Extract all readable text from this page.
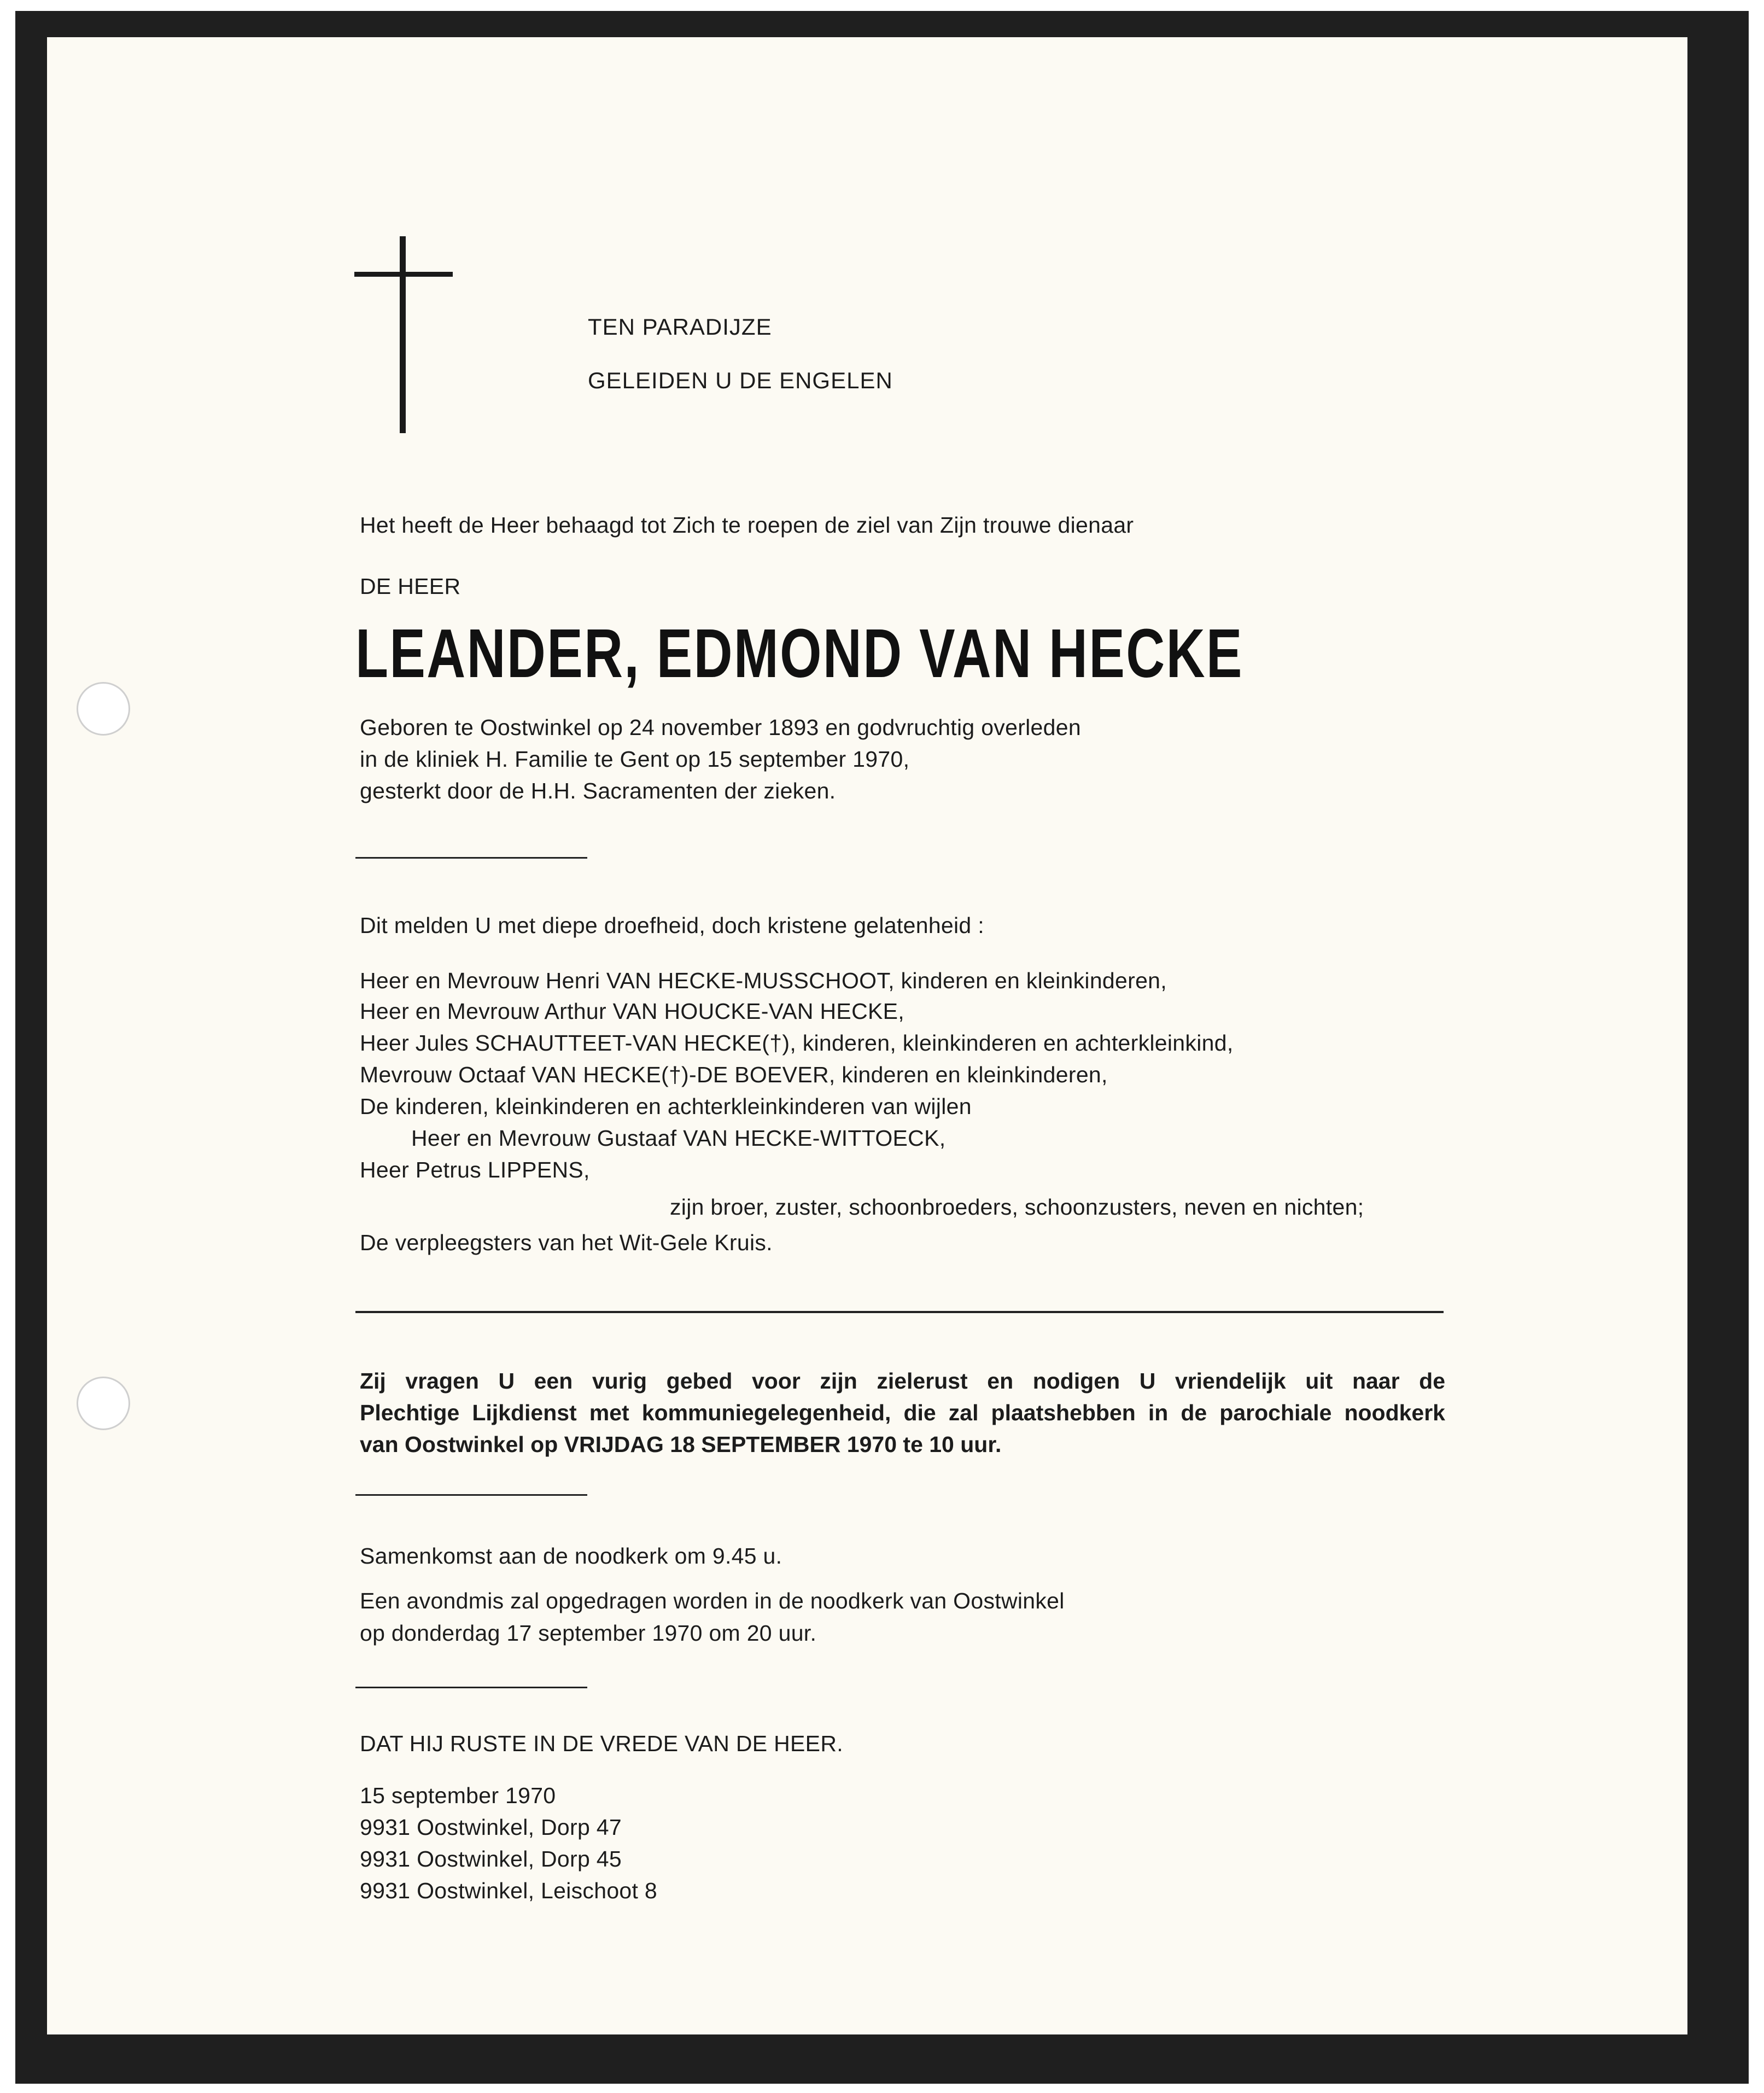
TEN PARADIJZE
GELEIDEN U DE ENGELEN
Het heeft de Heer behaagd tot Zich te roepen de ziel van Zijn trouwe dienaar
DE HEER
LEANDER, EDMOND VAN HECKE
Geboren te Oostwinkel op 24 november 1893 en godvruchtig overleden
in de kliniek H. Familie te Gent op 15 september 1970,
gesterkt door de H.H. Sacramenten der zieken.
Dit melden U met diepe droefheid, doch kristene gelatenheid :
Heer en Mevrouw Henri VAN HECKE-MUSSCHOOT, kinderen en kleinkinderen,
Heer en Mevrouw Arthur VAN HOUCKE-VAN HECKE,
Heer Jules SCHAUTTEET-VAN HECKE(†), kinderen, kleinkinderen en achterkleinkind,
Mevrouw Octaaf VAN HECKE(†)-DE BOEVER, kinderen en kleinkinderen,
De kinderen, kleinkinderen en achterkleinkinderen van wijlen
Heer en Mevrouw Gustaaf VAN HECKE-WITTOECK,
Heer Petrus LIPPENS,
zijn broer, zuster, schoonbroeders, schoonzusters, neven en nichten;
De verpleegsters van het Wit-Gele Kruis.
Zij vragen U een vurig gebed voor zijn zielerust en nodigen U vriendelijk uit naar de
Plechtige Lijkdienst met kommuniegelegenheid, die zal plaatshebben in de parochiale noodkerk
van Oostwinkel op VRIJDAG 18 SEPTEMBER 1970 te 10 uur.
Samenkomst aan de noodkerk om 9.45 u.
Een avondmis zal opgedragen worden in de noodkerk van Oostwinkel
op donderdag 17 september 1970 om 20 uur.
DAT HIJ RUSTE IN DE VREDE VAN DE HEER.
15 september 1970
9931 Oostwinkel, Dorp 47
9931 Oostwinkel, Dorp 45
9931 Oostwinkel, Leischoot 8
